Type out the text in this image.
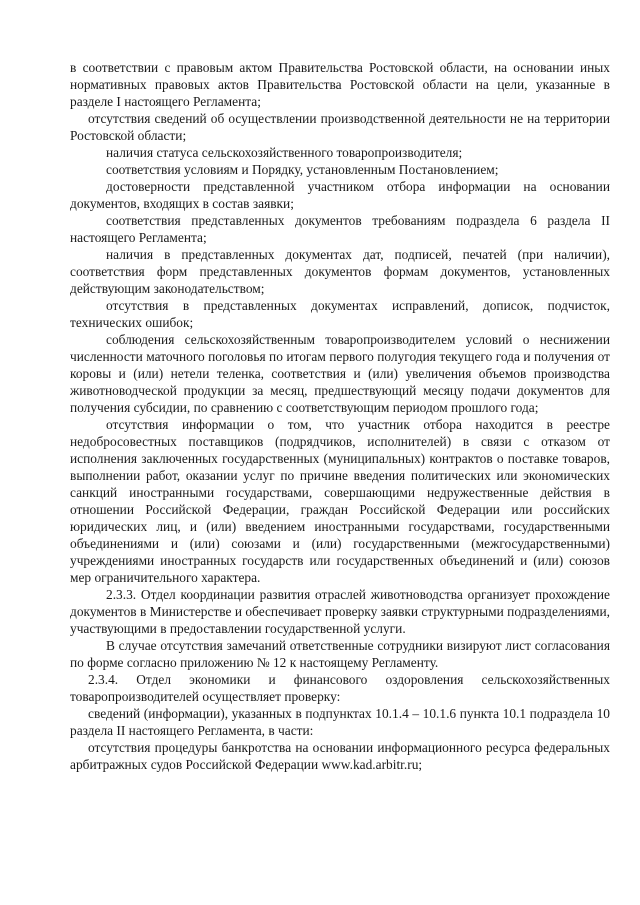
в соответствии с правовым актом Правительства Ростовской области, на основании иных нормативных правовых актов Правительства Ростовской области на цели, указанные в разделе I настоящего Регламента;

отсутствия сведений об осуществлении производственной деятельности не на территории Ростовской области;

наличия статуса сельскохозяйственного товаропроизводителя;

соответствия условиям и Порядку, установленным Постановлением;

достоверности представленной участником отбора информации на основании документов, входящих в состав заявки;

соответствия представленных документов требованиям подраздела 6 раздела II настоящего Регламента;

наличия в представленных документах дат, подписей, печатей (при наличии), соответствия форм представленных документов формам документов, установленных действующим законодательством;

отсутствия в представленных документах исправлений, дописок, подчисток, технических ошибок;

соблюдения сельскохозяйственным товаропроизводителем условий о неснижении численности маточного поголовья по итогам первого полугодия текущего года и получения от коровы и (или) нетели теленка, соответствия и (или) увеличения объемов производства животноводческой продукции за месяц, предшествующий месяцу подачи документов для получения субсидии, по сравнению с соответствующим периодом прошлого года;

отсутствия информации о том, что участник отбора находится в реестре недобросовестных поставщиков (подрядчиков, исполнителей) в связи с отказом от исполнения заключенных государственных (муниципальных) контрактов о поставке товаров, выполнении работ, оказании услуг по причине введения политических или экономических санкций иностранными государствами, совершающими недружественные действия в отношении Российской Федерации, граждан Российской Федерации или российских юридических лиц, и (или) введением иностранными государствами, государственными объединениями и (или) союзами и (или) государственными (межгосударственными) учреждениями иностранных государств или государственных объединений и (или) союзов мер ограничительного характера.

2.3.3. Отдел координации развития отраслей животноводства организует прохождение документов в Министерстве и обеспечивает проверку заявки структурными подразделениями, участвующими в предоставлении государственной услуги.

В случае отсутствия замечаний ответственные сотрудники визируют лист согласования по форме согласно приложению № 12 к настоящему Регламенту.

2.3.4. Отдел экономики и финансового оздоровления сельскохозяйственных товаропроизводителей осуществляет проверку:

сведений (информации), указанных в подпунктах 10.1.4 – 10.1.6 пункта 10.1 подраздела 10 раздела II настоящего Регламента, в части:

отсутствия процедуры банкротства на основании информационного ресурса федеральных арбитражных судов Российской Федерации www.kad.arbitr.ru;
